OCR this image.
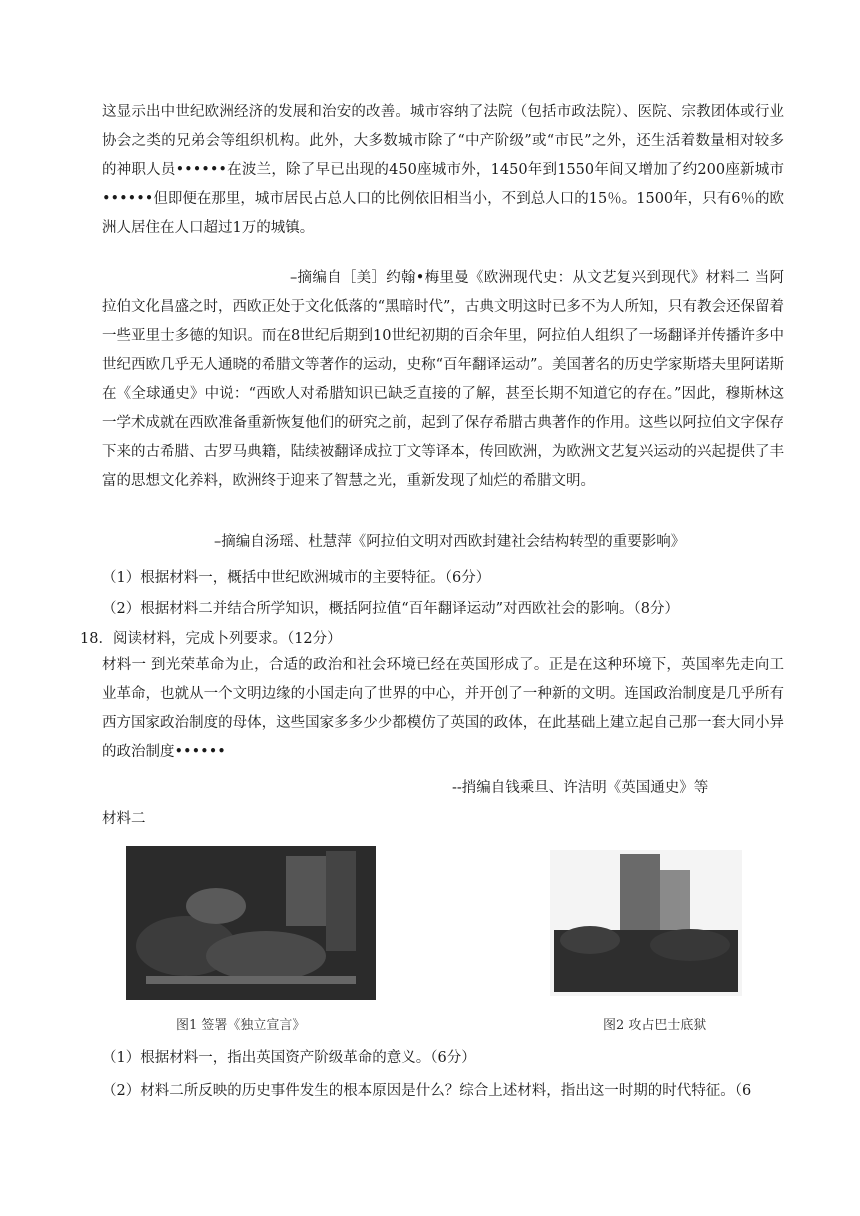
这显示出中世纪欧洲经济的发展和治安的改善。城市容纳了法院（包括市政法院）、医院、宗教团体或行业协会之类的兄弟会等组织机构。此外，大多数城市除了“中产阶级”或“市民”之外，还生活着数量相对较多的神职人员••••••在波兰，除了早已出现的450座城市外，1450年到1550年间又增加了约200座新城市••••••但即便在那里，城市居民占总人口的比例依旧相当小，不到总人口的15％。1500年，只有6％的欧洲人居住在人口超过1万的城镇。

–摘编自［美］约翰•梅里曼《欧洲现代史：从文艺复兴到现代》材料二 当阿拉伯文化昌盛之时，西欧正处于文化低落的“黑暗时代”，古典文明这时已多不为人所知，只有教会还保留着一些亚里士多德的知识。而在8世纪后期到10世纪初期的百余年里，阿拉伯人组织了一场翻译并传播许多中世纪西欧几乎无人通晓的希腊文等著作的运动，史称“百年翻译运动”。美国著名的历史学家斯塔夫里阿诺斯在《全球通史》中说：“西欧人对希腊知识已缺乏直接的了解，甚至长期不知道它的存在。”因此，穆斯林这一学术成就在西欧准备重新恢复他们的研究之前，起到了保存希腊古典著作的作用。这些以阿拉伯文字保存下来的古希腊、古罗马典籍，陆续被翻译成拉丁文等译本，传回欧洲，为欧洲文艺复兴运动的兴起提供了丰富的思想文化养料，欧洲终于迎来了智慧之光，重新发现了灿烂的希腊文明。

–摘编自汤瑶、杜慧萍《阿拉伯文明对西欧封建社会结构转型的重要影响》
（1）根据材料一，概括中世纪欧洲城市的主要特征。（6分）
（2）根据材料二并结合所学知识，概括阿拉值“百年翻译运动”对西欧社会的影响。（8分）
18．阅读材料，完成卜列要求。（12分）

材料一 到光荣革命为止，合适的政治和社会环境已经在英国形成了。正是在这种环境下，英国率先走向工业革命，也就从一个文明边缘的小国走向了世界的中心，并开创了一种新的文明。连国政治制度是几乎所有西方国家政治制度的母体，这些国家多多少少都模仿了英国的政体，在此基础上建立起自己那一套大同小异的政治制度••••••

--捎编自钱乘旦、许洁明《英国通史》等
材料二
图1 签署《独立宣言》	图2 攻占巴士底狱
（1）根据材料一，指出英国资产阶级革命的意义。（6分）
（2）材料二所反映的历史事件发生的根本原因是什么？综合上述材料，指出这一时期的时代特征。（6
